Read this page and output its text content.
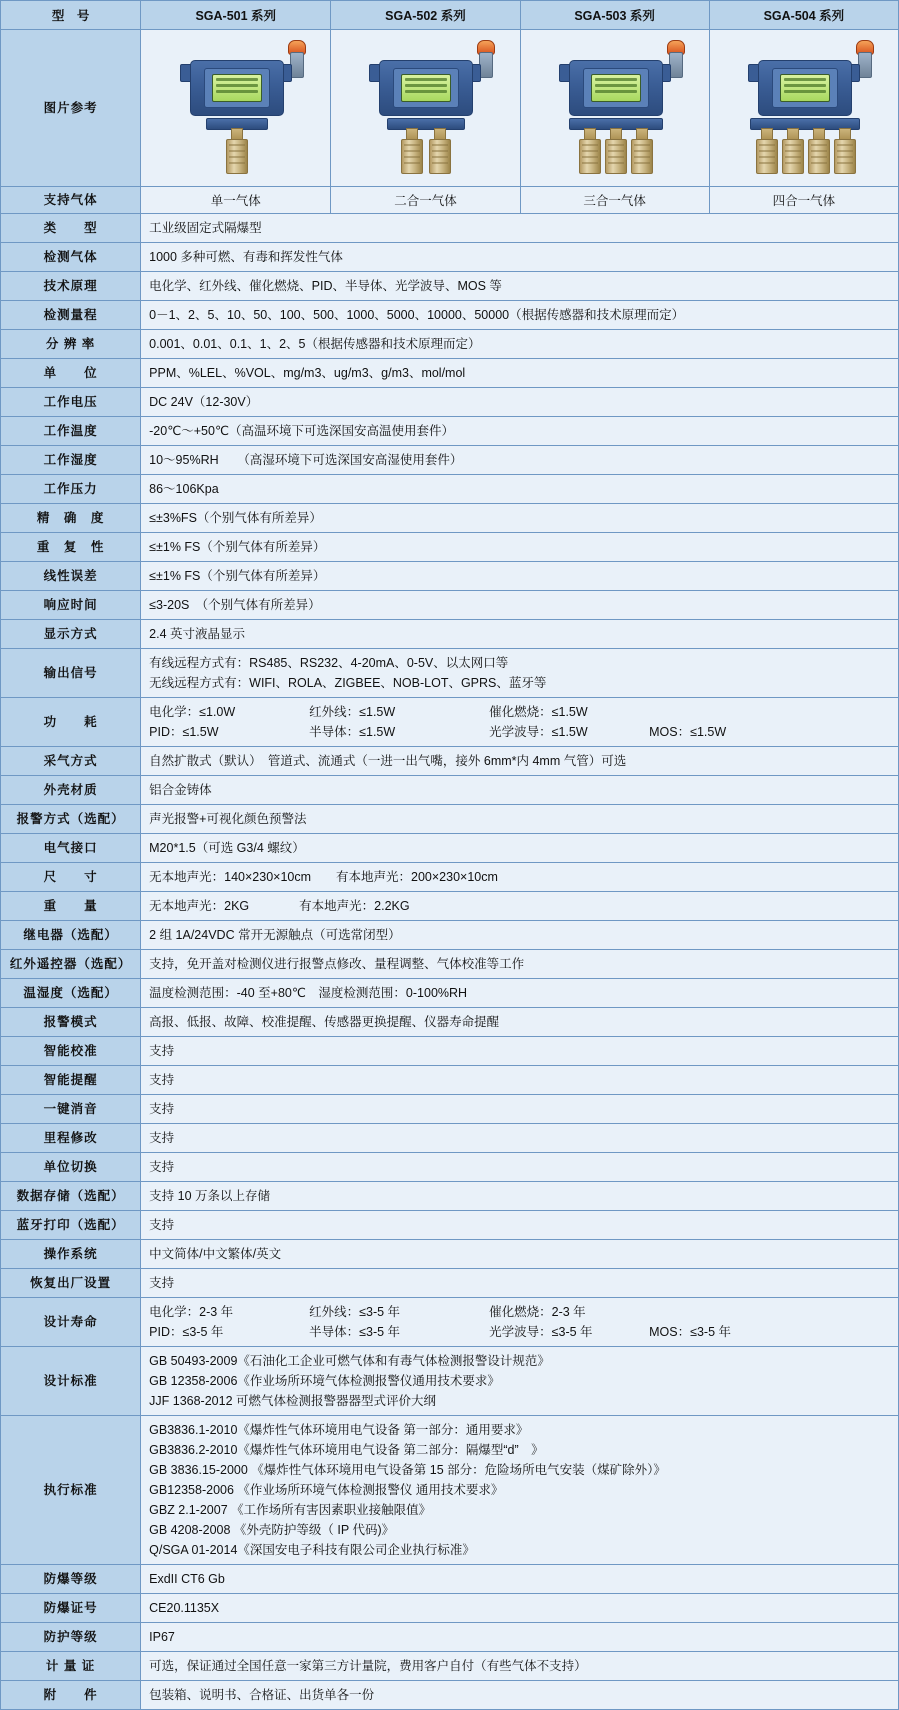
型　号	SGA-501 系列	SGA-502 系列	SGA-503 系列	SGA-504 系列
图片参考	

支持气体	单一气体	二合一气体	三合一气体	四合一气体
类　　型	工业级固定式隔爆型			
检测气体	1000 多种可燃、有毒和挥发性气体			
技术原理	电化学、红外线、催化燃烧、PID、半导体、光学波导、MOS 等			
检测量程	0－1、2、5、10、50、100、500、1000、5000、10000、50000（根据传感器和技术原理而定）			
分 辨 率	0.001、0.01、0.1、1、2、5（根据传感器和技术原理而定）			
单　　位	PPM、%LEL、%VOL、mg/m3、ug/m3、g/m3、mol/mol			
工作电压	DC 24V（12-30V）			
工作温度	-20℃～+50℃（高温环境下可选深国安高温使用套件）			
工作湿度	10～95%RH　　（高湿环境下可选深国安高湿使用套件）			
工作压力	86～106Kpa			
精　确　度	≤±3%FS（个别气体有所差异）			
重　复　性	≤±1% FS（个别气体有所差异）			
线性误差	≤±1% FS（个别气体有所差异）			
响应时间	≤3-20S　（个别气体有所差异）			
显示方式	2.4 英寸液晶显示			
输出信号	有线远程方式有：RS485、RS232、4-20mA、0-5V、以太网口等
无线远程方式有：WIFI、ROLA、ZIGBEE、NOB-LOT、GPRS、蓝牙等			

功　　耗	
电化学：≤1.0W	红外线：≤1.5W	催化燃烧：≤1.5W
PID：≤1.5W	半导体：≤1.5W	光学波导：≤1.5W	MOS：≤1.5W

采气方式	自然扩散式（默认）　管道式、流通式（一进一出气嘴，接外 6mm*内 4mm 气管）可选			
外壳材质	铝合金铸体			
报警方式（选配）	声光报警+可视化颜色预警法			
电气接口	M20*1.5（可选 G3/4 螺纹）			
尺　　寸	无本地声光：140×230×10cm　　有本地声光：200×230×10cm			
重　　量	无本地声光：2KG　　　　有本地声光：2.2KG			
继电器（选配）	2 组 1A/24VDC 常开无源触点（可选常闭型）			
红外遥控器（选配）	支持，免开盖对检测仪进行报警点修改、量程调整、气体校准等工作			
温湿度（选配）	温度检测范围：-40 至+80℃　湿度检测范围：0-100%RH			
报警模式	高报、低报、故障、校准提醒、传感器更换提醒、仪器寿命提醒			
智能校准	支持			
智能提醒	支持			
一键消音	支持			
里程修改	支持			
单位切换	支持			
数据存储（选配）	支持 10 万条以上存储			
蓝牙打印（选配）	支持			
操作系统	中文简体/中文繁体/英文			
恢复出厂设置	支持			
设计寿命	
电化学：2-3 年	红外线：≤3-5 年	催化燃烧：2-3 年
PID：≤3-5 年	半导体：≤3-5 年	光学波导：≤3-5 年	MOS：≤3-5 年

设计标准	GB 50493-2009《石油化工企业可燃气体和有毒气体检测报警设计规范》
GB 12358-2006《作业场所环境气体检测报警仪通用技术要求》
JJF 1368-2012 可燃气体检测报警器器型式评价大纲			

执行标准	
GB3836.1-2010《爆炸性气体环境用电气设备 第一部分：通用要求》
GB3836.2-2010《爆炸性气体环境用电气设备 第二部分：隔爆型“d”　》
GB 3836.15-2000 《爆炸性气体环境用电气设备第 15 部分：危险场所电气安装（煤矿除外）》
GB12358-2006 《作业场所环境气体检测报警仪 通用技术要求》
GBZ 2.1-2007 《工作场所有害因素职业接触限值》
GB 4208-2008 《外壳防护等级（ IP 代码)》
Q/SGA 01-2014《深国安电子科技有限公司企业执行标准》

防爆等级	ExdII CT6 Gb			
防爆证号	CE20.1135X			
防护等级	IP67			
计 量 证	可选，保证通过全国任意一家第三方计量院，费用客户自付（有些气体不支持）			
附　　件	包装箱、说明书、合格证、出货单各一份			
